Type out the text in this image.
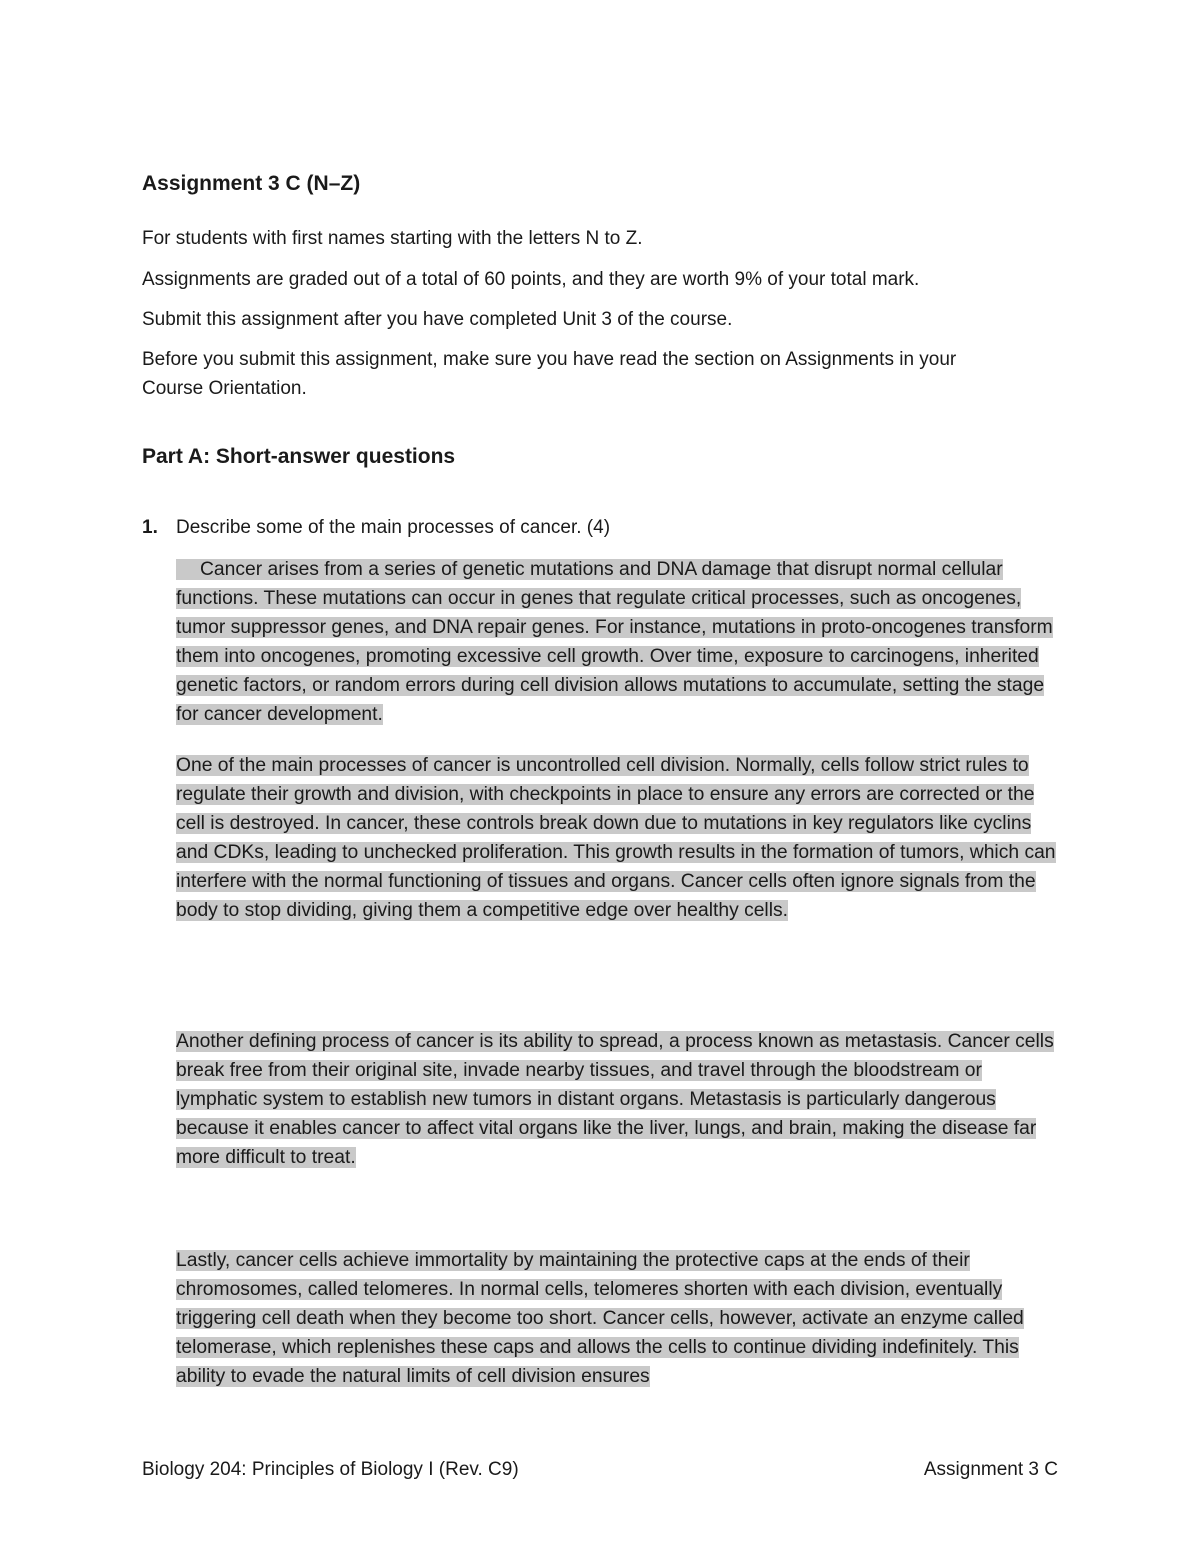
Assignment 3 C (N–Z)

For students with first names starting with the letters N to Z.

Assignments are graded out of a total of 60 points, and they are worth 9% of your total mark.

Submit this assignment after you have completed Unit 3 of the course.

Before you submit this assignment, make sure you have read the section on Assignments in your Course Orientation.

Part A: Short-answer questions

1. Describe some of the main processes of cancer. (4)

Cancer arises from a series of genetic mutations and DNA damage that disrupt normal cellular functions. These mutations can occur in genes that regulate critical processes, such as oncogenes, tumor suppressor genes, and DNA repair genes. For instance, mutations in proto-oncogenes transform them into oncogenes, promoting excessive cell growth. Over time, exposure to carcinogens, inherited genetic factors, or random errors during cell division allows mutations to accumulate, setting the stage for cancer development.

One of the main processes of cancer is uncontrolled cell division. Normally, cells follow strict rules to regulate their growth and division, with checkpoints in place to ensure any errors are corrected or the cell is destroyed. In cancer, these controls break down due to mutations in key regulators like cyclins and CDKs, leading to unchecked proliferation. This growth results in the formation of tumors, which can interfere with the normal functioning of tissues and organs. Cancer cells often ignore signals from the body to stop dividing, giving them a competitive edge over healthy cells.

Another defining process of cancer is its ability to spread, a process known as metastasis. Cancer cells break free from their original site, invade nearby tissues, and travel through the bloodstream or lymphatic system to establish new tumors in distant organs. Metastasis is particularly dangerous because it enables cancer to affect vital organs like the liver, lungs, and brain, making the disease far more difficult to treat.

Lastly, cancer cells achieve immortality by maintaining the protective caps at the ends of their chromosomes, called telomeres. In normal cells, telomeres shorten with each division, eventually triggering cell death when they become too short. Cancer cells, however, activate an enzyme called telomerase, which replenishes these caps and allows the cells to continue dividing indefinitely. This ability to evade the natural limits of cell division ensures

Biology 204: Principles of Biology I (Rev. C9)	Assignment 3 C
